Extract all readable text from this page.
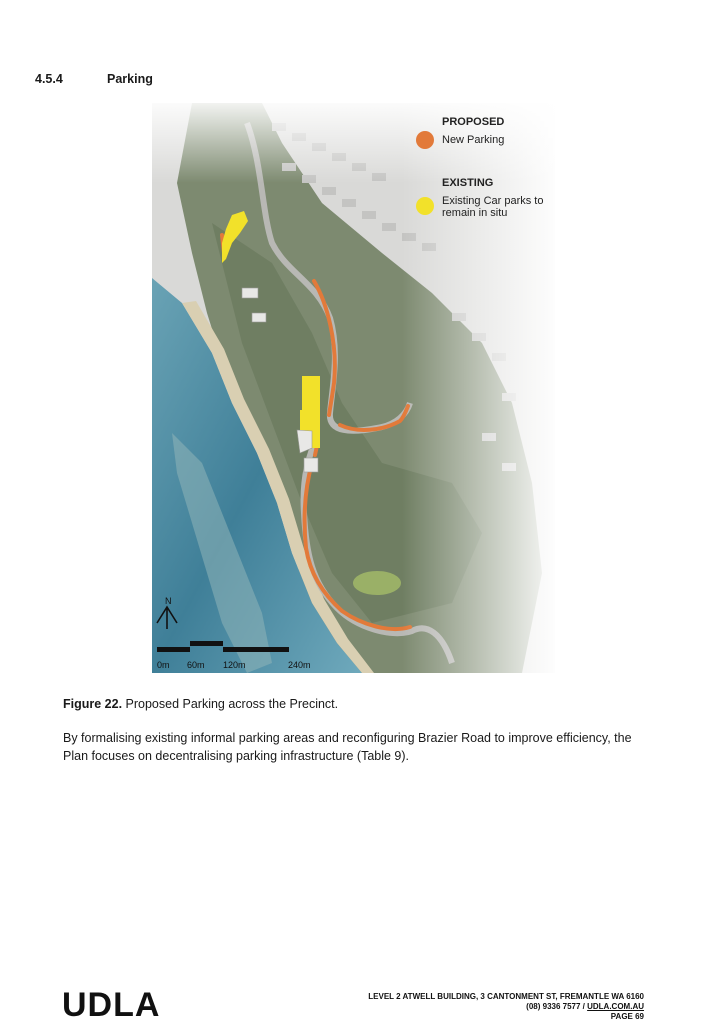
4.5.4	Parking
PROPOSED
New Parking
EXISTING
Existing Car parks to
remain in situ
N
0m 60m 120m	240m
Figure 22. Proposed Parking across the Precinct.
By formalising existing informal parking areas and reconfiguring Brazier Road to improve efficiency, the Plan focuses on decentralising parking infrastructure (Table 9).
UDLA	LEVEL 2 ATWELL BUILDING, 3 CANTONMENT ST, FREMANTLE WA 6160
(08) 9336 7577 / UDLA.COM.AU
PAGE 69
